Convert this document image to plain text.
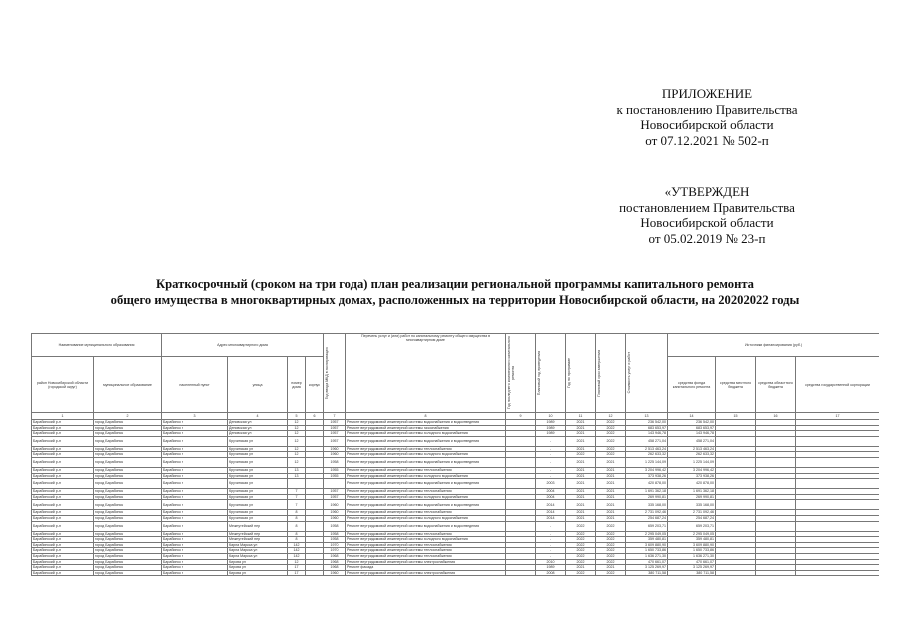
ПРИЛОЖЕНИЕ
к постановлению Правительства
Новосибирской области
от 07.12.2021 № 502-п
«УТВЕРЖДЕН
постановлением Правительства
Новосибирской области
от 05.02.2019 № 23-п
Краткосрочный (сроком на три года) план реализации региональной программы капитального ремонта
общего имущества в многоквартирных домах, расположенных на территории Новосибирской области, на 20202022 годы
Наименование муниципального образования		Адрес многоквартирного дома				Год ввода МКД в эксплуатацию	Перечень услуг и (или) работ по капитальному ремонту общего имущества в многоквартирном доме	Год последнего комплексного капитального ремонта	Плановый год проведения	Год по программе	Плановый срок завершения	Стоимость услуг и работ	Источники финансирования (руб.)			
район Новосибирской области (городской округ)	муниципальное образование	населенный пункт	улица	номер дома	корпус								средства фонда капитального ремонта	средства местного бюджета	средства областного бюджета	средства государственной корпорации
1	2	3	4	5	6	7	8	9	10	11	12	13	14	15	16	17
Барабинский р-н	город Барабинск	Барабинск г	Деповская ул	12		1957	Ремонт внутридомовой инженерной системы водоснабжения и водоотведения		1989	2021	2022	236 542,00	236 542,00			
Барабинский р-н	город Барабинск	Барабинск г	Деповская ул	12		1957	Ремонт внутридомовой инженерной системы газоснабжения		1989	2021	2022	683 653,97	683 653,97			
Барабинский р-н	город Барабинск	Барабинск г	Деповская ул	12		1957	Ремонт внутридомовой инженерной системы холодного водоснабжения		1989	2021	2022	143 946,78	143 946,78			
Барабинский р-н	город Барабинск	Барабинск г	Кручинская ул	12		1957	Ремонт внутридомовой инженерной системы водоснабжения и водоотведения		-	2021	2022	458 271,04	458 271,04			
Барабинский р-н	город Барабинск	Барабинск г	Кручинская ул	12		1960	Ремонт внутридомовой инженерной системы теплоснабжения		-	2021	2022	2 513 463,24	2 513 463,24			
Барабинский р-н	город Барабинск	Барабинск г	Кручинская ул	12		1960	Ремонт внутридомовой инженерной системы холодного водоснабжения		-	2022	2022	262 633,32	262 633,32			
Барабинский р-н	город Барабинск	Барабинск г	Кручинская ул	12		1958	Ремонт внутридомовой инженерной системы водоснабжения и водоотведения		-	2021	2021	1 225 144,09	1 225 144,09			
Барабинский р-н	город Барабинск	Барабинск г	Кручинская ул	13		1955	Ремонт внутридомовой инженерной системы теплоснабжения		-	2021	2021	3 204 996,42	3 204 996,42			
Барабинский р-н	город Барабинск	Барабинск г	Кручинская ул	13		1955	Ремонт внутридомовой инженерной системы холодного водоснабжения		-	2021	2021	373 938,26	373 938,26			
Барабинский р-н	город Барабинск	Барабинск г	Кручинская ул				Ремонт внутридомовой инженерной системы водоснабжения и водоотведения		2003	2021	2021	420 878,00	420 878,00			
Барабинский р-н	город Барабинск	Барабинск г	Кручинская ул	7		1957	Ремонт внутридомовой инженерной системы теплоснабжения		2004	2021	2021	1 691 362,18	1 691 362,18			
Барабинский р-н	город Барабинск	Барабинск г	Кручинская ул	7		1957	Ремонт внутридомовой инженерной системы холодного водоснабжения		2004	2021	2021	269 990,81	269 990,81			
Барабинский р-н	город Барабинск	Барабинск г	Кручинская ул	7		1960	Ремонт внутридомовой инженерной системы водоснабжения и водоотведения		2014	2021	2021	335 168,00	335 168,00			
Барабинский р-н	город Барабинск	Барабинск г	Кручинская ул	8		1960	Ремонт внутридомовой инженерной системы теплоснабжения		2014	2021	2021	2 731 092,46	2 731 092,46			
Барабинский р-н	город Барабинск	Барабинск г	Кручинская ул	8		1960	Ремонт внутридомовой инженерной системы холодного водоснабжения		2014	2021	2021	254 687,24	254 687,24			
Барабинский р-н	город Барабинск	Барабинск г	Межпутейский пер	8		1958	Ремонт внутридомовой инженерной системы водоснабжения и водоотведения		-	2022	2022	659 203,71	659 203,71			
Барабинский р-н	город Барабинск	Барабинск г	Межпутейский пер	8		1958	Ремонт внутридомовой инженерной системы теплоснабжения		-	2022	2022	2 295 049,05	2 295 049,05			
Барабинский р-н	город Барабинск	Барабинск г	Межпутейский пер	8		1958	Ремонт внутридомовой инженерной системы холодного водоснабжения		-	2022	2022	359 480,81	359 480,81			
Барабинский р-н	город Барабинск	Барабинск г	Карла Маркса ул	142		1970	Ремонт внутридомовой инженерной системы теплоснабжения		-	2022	2022	3 609 880,90	3 609 880,90			
Барабинский р-н	город Барабинск	Барабинск г	Карла Маркса ул	142		1970	Ремонт внутридомовой инженерной системы теплоснабжения		-	2022	2022	1 650 733,86	1 650 733,86			
Барабинский р-н	город Барабинск	Барабинск г	Карла Маркса ул	142		1968	Ремонт внутридомовой инженерной системы теплоснабжения		-	2022	2022	1 636 271,30	1 636 271,30			
Барабинский р-н	город Барабинск	Барабинск г	Кирова ул	12		1968	Ремонт внутридомовой инженерной системы электроснабжения		2010	2022	2022	470 661,07	470 661,07			
Барабинский р-н	город Барабинск	Барабинск г	Кирова ул	17		1968	Ремонт фасада		1989	2021	2021	3 125 269,97	3 125 269,97			
Барабинский р-н	город Барабинск	Барабинск г	Кирова ул	17		1960	Ремонт внутридомовой инженерной системы электроснабжения		2008	2022	2022	380 711,58	380 711,58			
